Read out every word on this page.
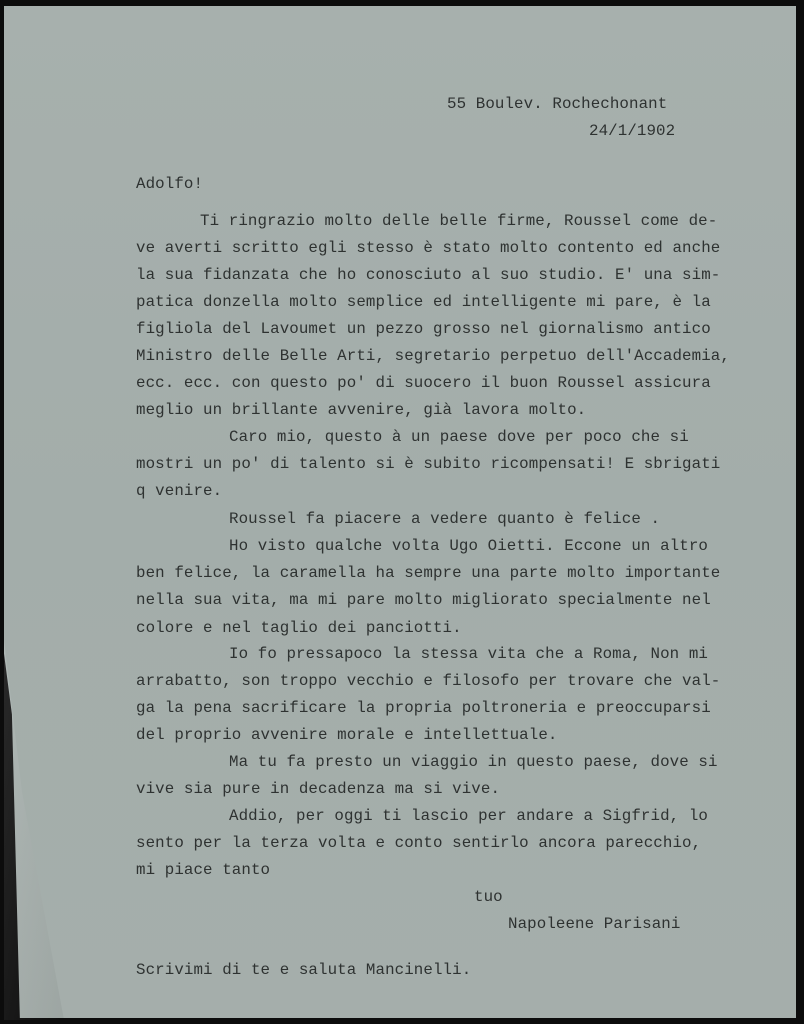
55 Boulev. Rochechonant
24/1/1902
Adolfo!
Ti ringrazio molto delle belle firme, Roussel come de-
ve averti scritto egli stesso è stato molto contento ed anche
la sua fidanzata che ho conosciuto al suo studio. E' una sim-
patica donzella molto semplice ed intelligente mi pare, è la
figliola del Lavoumet un pezzo grosso nel giornalismo antico
Ministro delle Belle Arti, segretario perpetuo dell'Accademia,
ecc. ecc. con questo po' di suocero il buon Roussel assicura
meglio un brillante avvenire, già lavora molto.
Caro mio, questo à un paese dove per poco che si
mostri un po' di talento si è subito ricompensati! E sbrigati
q venire.
Roussel fa piacere a vedere quanto è felice .
Ho visto qualche volta Ugo Oietti. Eccone un altro
ben felice, la caramella ha sempre una parte molto importante
nella sua vita, ma mi pare molto migliorato specialmente nel
colore e nel taglio dei panciotti.
Io fo pressapoco la stessa vita che a Roma, Non mi
arrabatto, son troppo vecchio e filosofo per trovare che val-
ga la pena sacrificare la propria poltroneria e preoccuparsi
del proprio avvenire morale e intellettuale.
Ma tu fa presto un viaggio in questo paese, dove si
vive sia pure in decadenza ma si vive.
Addio, per oggi ti lascio per andare a Sigfrid, lo
sento per la terza volta e conto sentirlo ancora parecchio,
mi piace tanto
tuo
Napoleene Parisani
Scrivimi di te e saluta Mancinelli.
